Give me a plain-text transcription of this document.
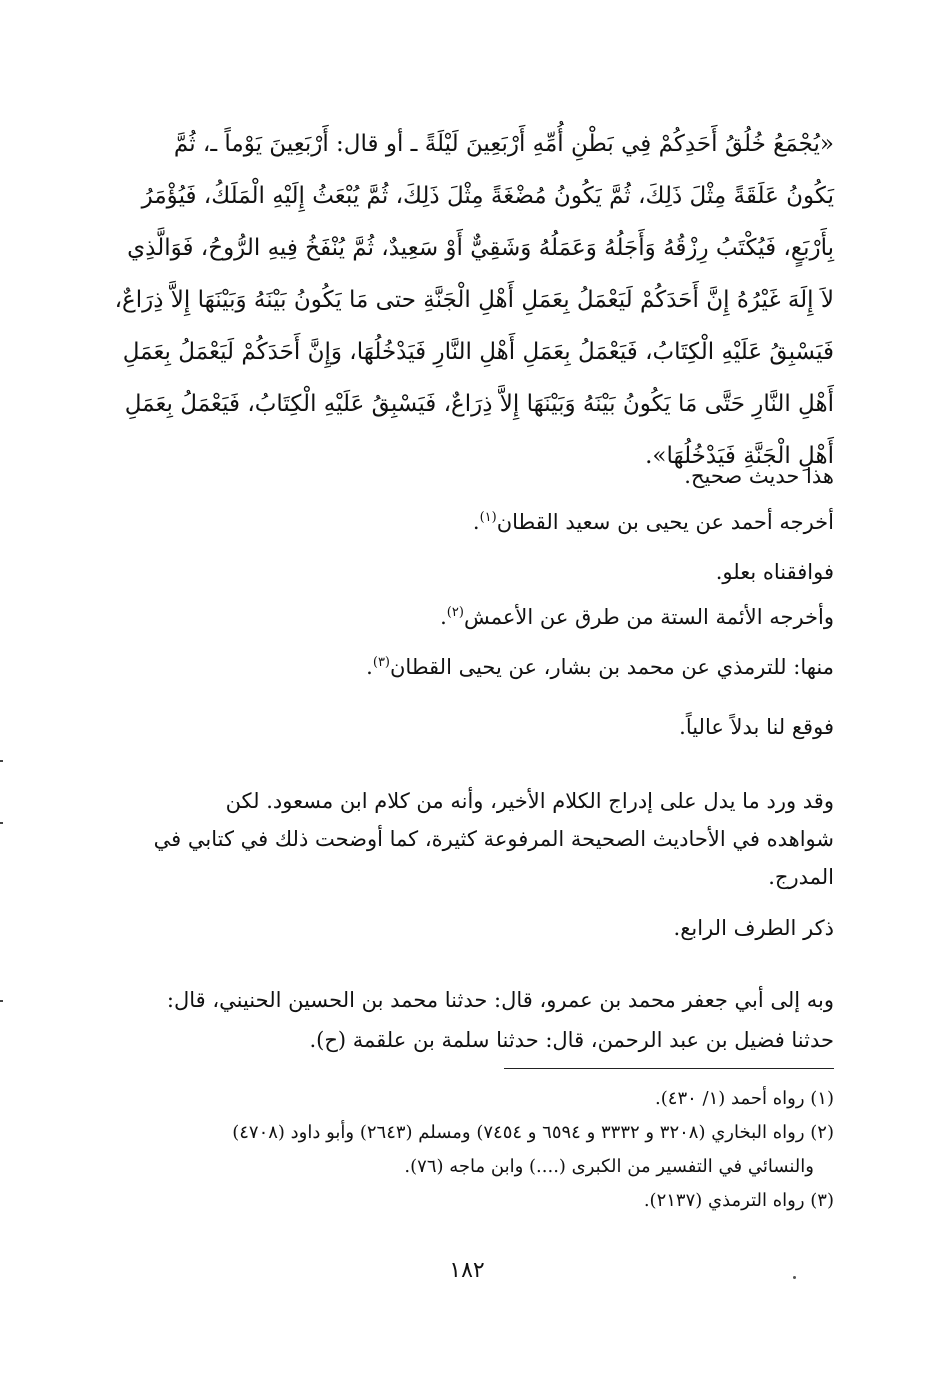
«يُجْمَعُ خُلُقُ أَحَدِكُمْ فِي بَطْنِ أُمِّهِ أَرْبَعِينَ لَيْلَةً ـ أو قال: أَرْبَعِينَ يَوْماً ـ، ثُمَّ

يَكُونُ عَلَقَةً مِثْلَ ذَلِكَ، ثُمَّ يَكُونُ مُضْغَةً مِثْلَ ذَلِكَ، ثُمَّ يُبْعَثُ إِلَيْهِ الْمَلَكُ، فَيُؤْمَرُ

بِأَرْبَعٍ، فَيُكْتَبُ رِزْقُهُ وَأَجَلُهُ وَعَمَلُهُ وَشَقِيٌّ أَوْ سَعِيدٌ، ثُمَّ يُنْفَخُ فِيهِ الرُّوحُ، فَوَالَّذِي

لاَ إِلَهَ غَيْرُهُ إِنَّ أَحَدَكُمْ لَيَعْمَلُ بِعَمَلِ أَهْلِ الْجَنَّةِ حتى مَا يَكُونُ بَيْنَهُ وَبَيْنَهَا إِلاَّ ذِرَاعٌ،

فَيَسْبِقُ عَلَيْهِ الْكِتَابُ، فَيَعْمَلُ بِعَمَلِ أَهْلِ النَّارِ فَيَدْخُلُهَا، وَإِنَّ أَحَدَكُمْ لَيَعْمَلُ بِعَمَلِ

أَهْلِ النَّارِ حَتَّى مَا يَكُونُ بَيْنَهُ وَبَيْنَهَا إِلاَّ ذِرَاعٌ، فَيَسْبِقُ عَلَيْهِ الْكِتَابُ، فَيَعْمَلُ بِعَمَلِ

أَهْلِ الْجَنَّةِ فَيَدْخُلُهَا».

هذا حديث صحيح.
أخرجه أحمد عن يحيى بن سعيد القطان$^{(١)}$.
فوافقناه بعلو.
وأخرجه الأئمة الستة من طرق عن الأعمش$^{(٢)}$.
منها: للترمذي عن محمد بن بشار، عن يحيى القطان$^{(٣)}$.
فوقع لنا بدلاً عالياً.
وقد ورد ما يدل على إدراج الكلام الأخير، وأنه من كلام ابن مسعود. لكن
شواهده في الأحاديث الصحيحة المرفوعة كثيرة، كما أوضحت ذلك في كتابي في
المدرج.
ذكر الطرف الرابع.
وبه إلى أبي جعفر محمد بن عمرو، قال: حدثنا محمد بن الحسين الحنيني، قال:
حدثنا فضيل بن عبد الرحمن، قال: حدثنا سلمة بن علقمة (ح).
(١) رواه أحمد (١/ ٤٣٠).
(٢) رواه البخاري (٣٢٠٨ و ٣٣٣٢ و ٦٥٩٤ و ٧٤٥٤) ومسلم (٢٦٤٣) وأبو داود (٤٧٠٨)
والنسائي في التفسير من الكبرى (....) وابن ماجه (٧٦).
(٣) رواه الترمذي (٢١٣٧).
١٨٢
